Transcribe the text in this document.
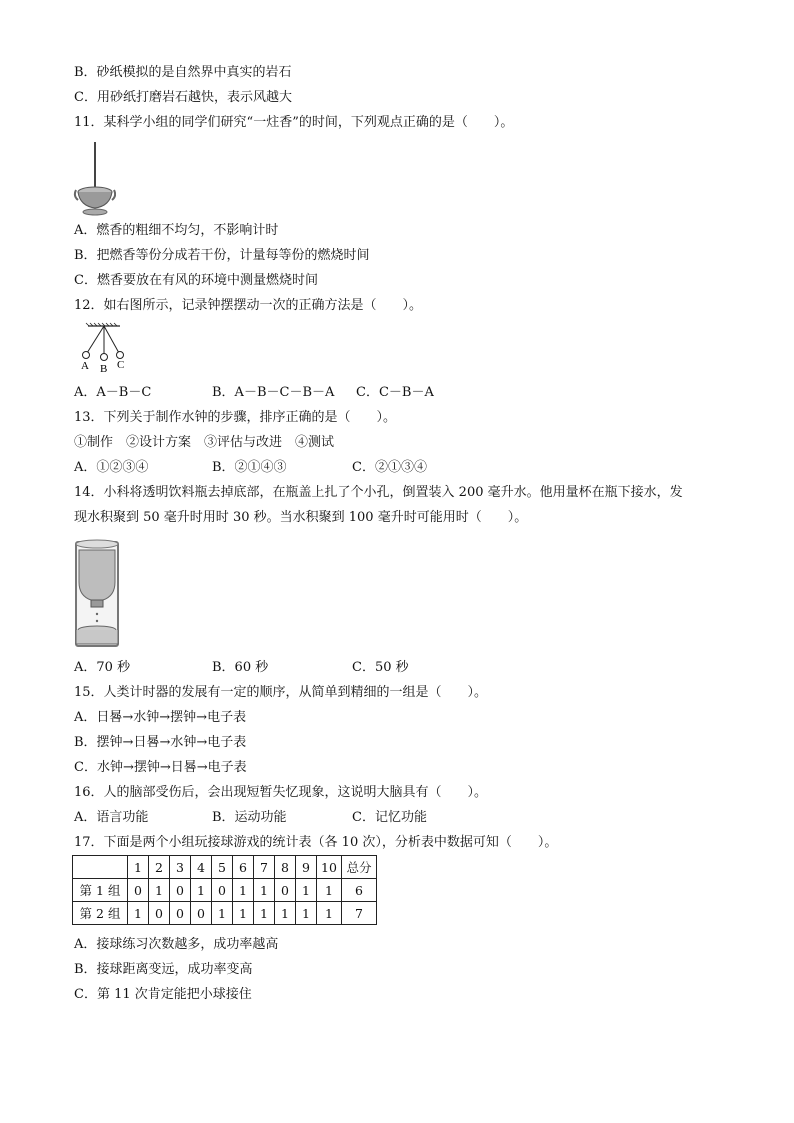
B．砂纸模拟的是自然界中真实的岩石
C．用砂纸打磨岩石越快，表示风越大
11．某科学小组的同学们研究“一炷香”的时间，下列观点正确的是（　　）。
A．燃香的粗细不均匀，不影响计时
B．把燃香等份分成若干份，计量每等份的燃烧时间
C．燃香要放在有风的环境中测量燃烧时间
12．如右图所示，记录钟摆摆动一次的正确方法是（　　）。
A B C
A．A－B－C	B．A－B－C－B－A C．C－B－A
13．下列关于制作水钟的步骤，排序正确的是（　　）。
①制作　②设计方案　③评估与改进　④测试
A．①②③④	B．②①④③	C．②①③④
14．小科将透明饮料瓶去掉底部，在瓶盖上扎了个小孔，倒置装入 200 毫升水。他用量杯在瓶下接水，发
现水积聚到 50 毫升时用时 30 秒。当水积聚到 100 毫升时可能用时（　　）。
A．70 秒	B．60 秒	C．50 秒
15．人类计时器的发展有一定的顺序，从简单到精细的一组是（　　）。
A．日晷→水钟→摆钟→电子表
B．摆钟→日晷→水钟→电子表
C．水钟→摆钟→日晷→电子表
16．人的脑部受伤后，会出现短暂失忆现象，这说明大脑具有（　　）。
A．语言功能	B．运动功能	C．记忆功能
17．下面是两个小组玩接球游戏的统计表（各 10 次），分析表中数据可知（　　）。
	1	2	3	4	5	6	7	8	9	10	总分
第 1 组	0	1	0	1	0	1	1	0	1	1	6
第 2 组	1	0	0	0	1	1	1	1	1	1	7
A．接球练习次数越多，成功率越高
B．接球距离变远，成功率变高
C．第 11 次肯定能把小球接住
